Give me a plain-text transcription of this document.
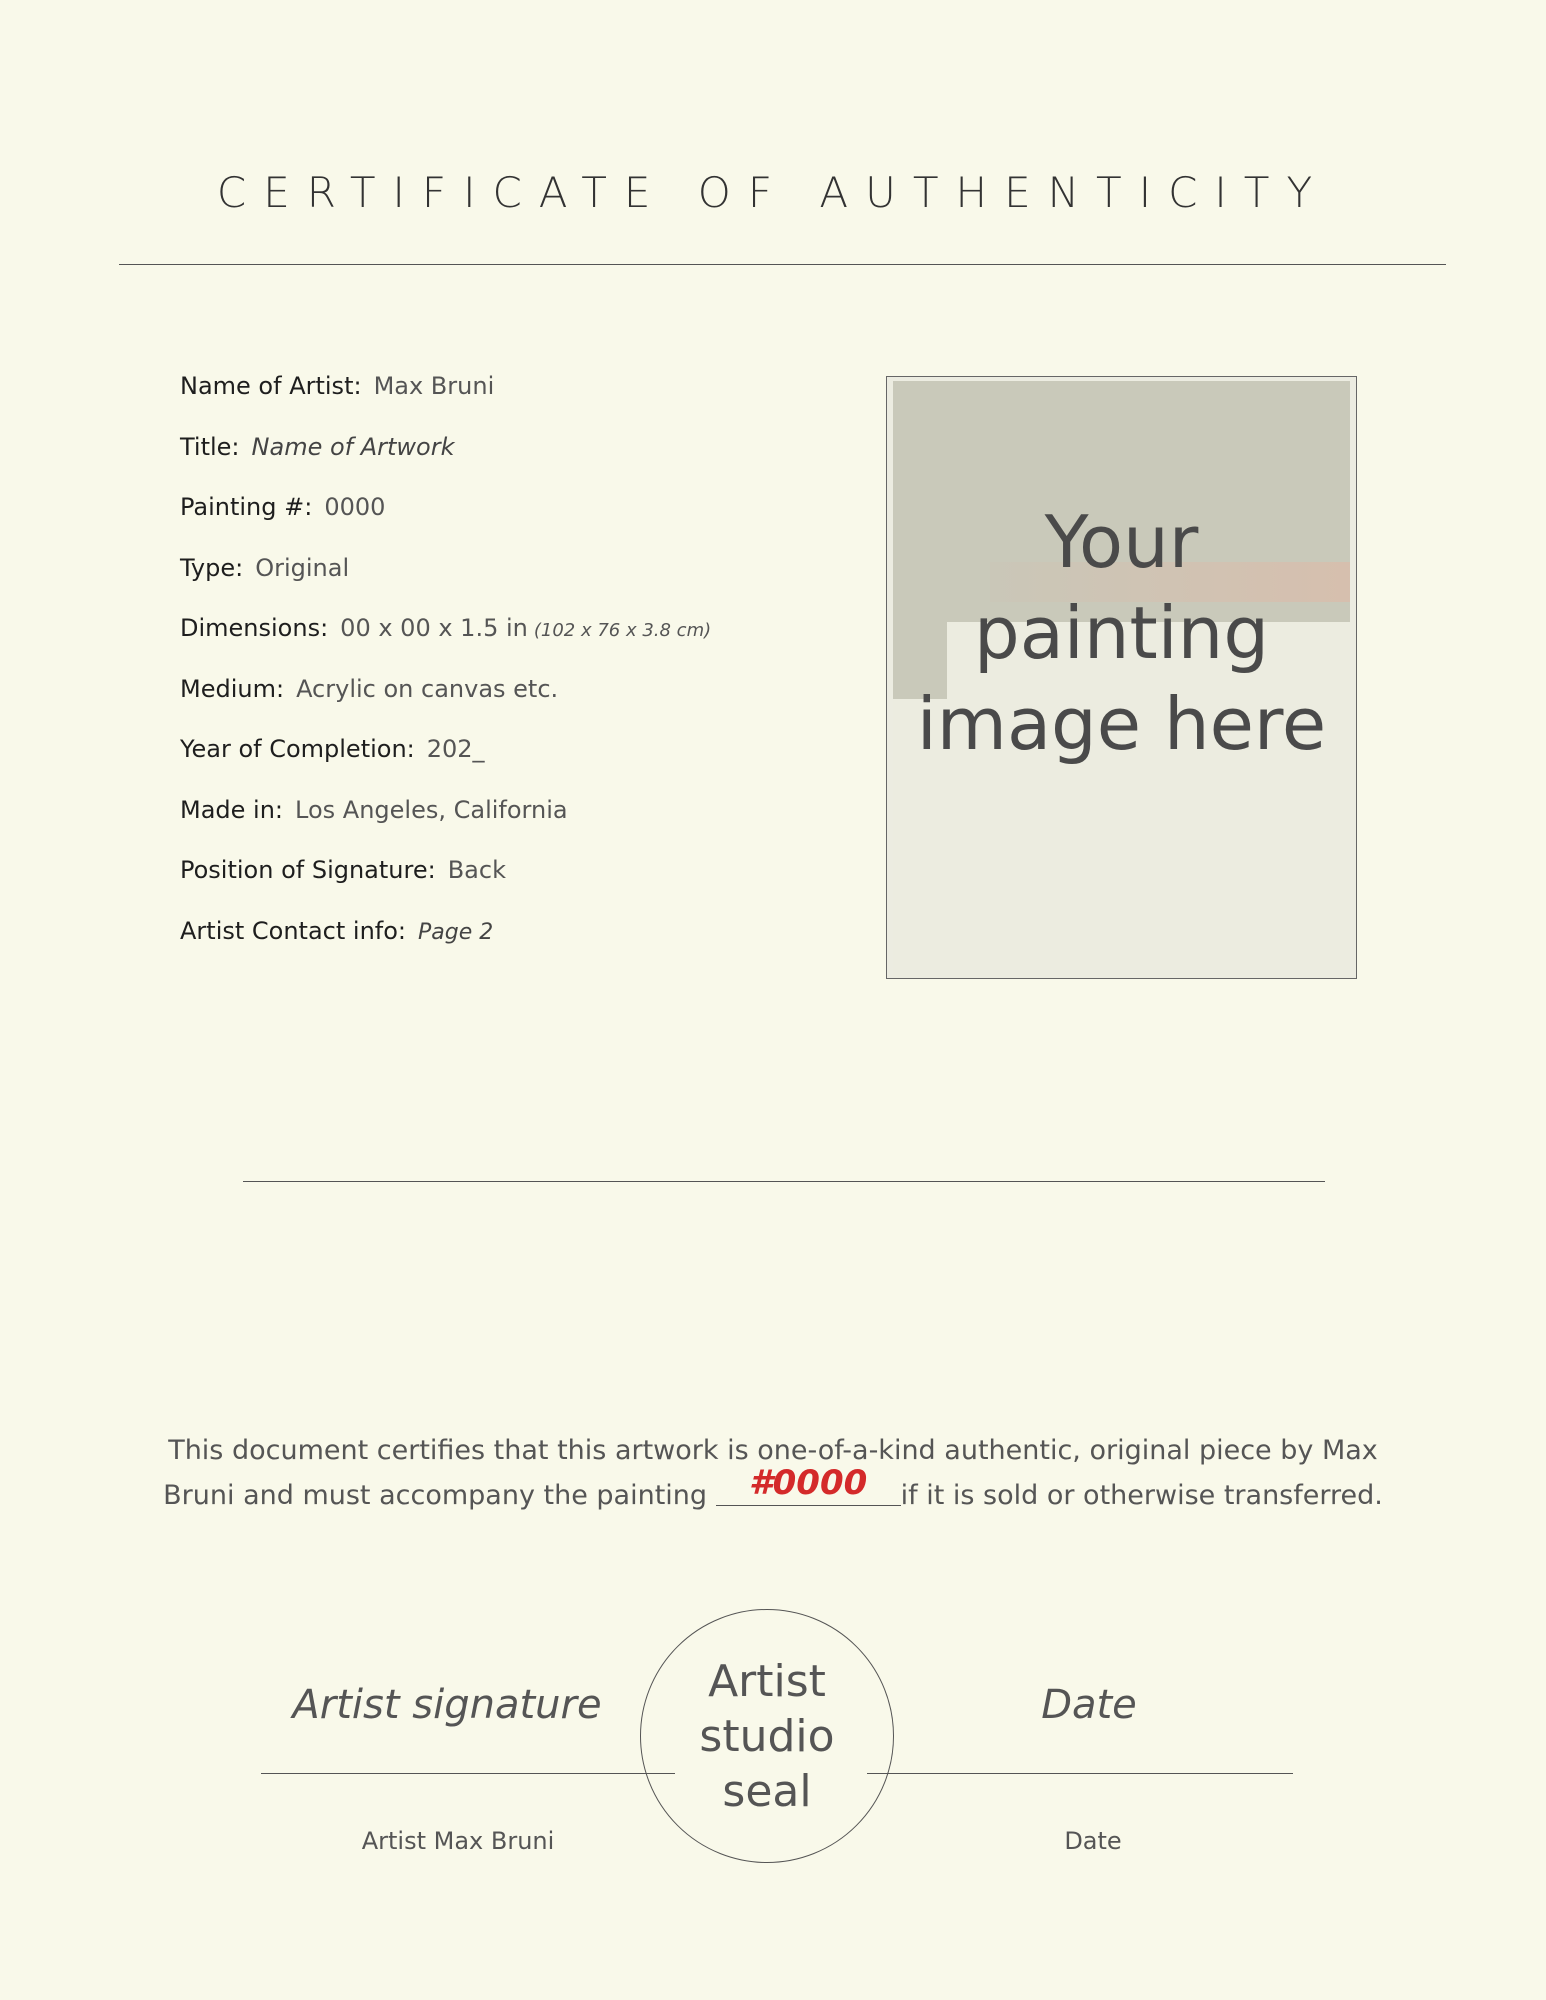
CERTIFICATE OF AUTHENTICITY
Name of Artist: Max Bruni
Title: Name of Artwork
Painting #: 0000
Type: Original
Dimensions: 00 x 00 x 1.5 in (102 x 76 x 3.8 cm)
Medium: Acrylic on canvas etc.
Year of Completion: 202_
Made in: Los Angeles, California
Position of Signature: Back
Artist Contact info: Page 2
Your painting image here
This document certifies that this artwork is one-of-a-kind authentic, original piece by Max Bruni and must accompany the painting	#0000	if it is sold or otherwise transferred.
Artist signature	Date
Artist studio seal
Artist Max Bruni	Date
